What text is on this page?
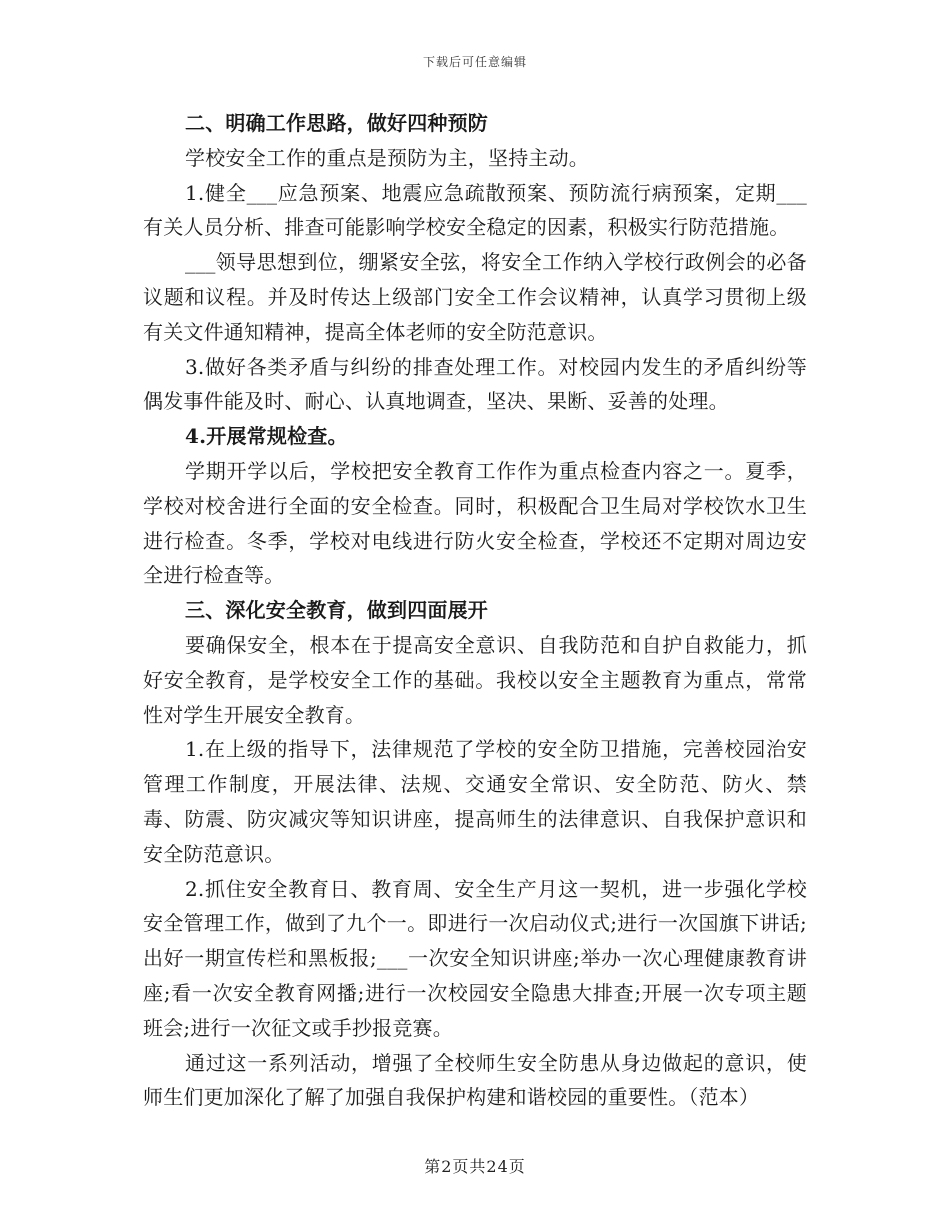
下载后可任意编辑

二、明确工作思路，做好四种预防

学校安全工作的重点是预防为主，坚持主动。

1.健全___应急预案、地震应急疏散预案、预防流行病预案，定期___有关人员分析、排查可能影响学校安全稳定的因素，积极实行防范措施。

___领导思想到位，绷紧安全弦，将安全工作纳入学校行政例会的必备议题和议程。并及时传达上级部门安全工作会议精神，认真学习贯彻上级有关文件通知精神，提高全体老师的安全防范意识。

3.做好各类矛盾与纠纷的排查处理工作。对校园内发生的矛盾纠纷等偶发事件能及时、耐心、认真地调查，坚决、果断、妥善的处理。

4.开展常规检查。

学期开学以后，学校把安全教育工作作为重点检查内容之一。夏季，学校对校舍进行全面的安全检查。同时，积极配合卫生局对学校饮水卫生进行检查。冬季，学校对电线进行防火安全检查，学校还不定期对周边安全进行检查等。

三、深化安全教育，做到四面展开

要确保安全，根本在于提高安全意识、自我防范和自护自救能力，抓好安全教育，是学校安全工作的基础。我校以安全主题教育为重点，常常性对学生开展安全教育。

1.在上级的指导下，法律规范了学校的安全防卫措施，完善校园治安管理工作制度，开展法律、法规、交通安全常识、安全防范、防火、禁毒、防震、防灾减灾等知识讲座，提高师生的法律意识、自我保护意识和安全防范意识。

2.抓住安全教育日、教育周、安全生产月这一契机，进一步强化学校安全管理工作，做到了九个一。即进行一次启动仪式;进行一次国旗下讲话;出好一期宣传栏和黑板报;___一次安全知识讲座;举办一次心理健康教育讲座;看一次安全教育网播;进行一次校园安全隐患大排查;开展一次专项主题班会;进行一次征文或手抄报竞赛。

通过这一系列活动，增强了全校师生安全防患从身边做起的意识，使师生们更加深化了解了加强自我保护构建和谐校园的重要性。（范本）

第2页共24页
